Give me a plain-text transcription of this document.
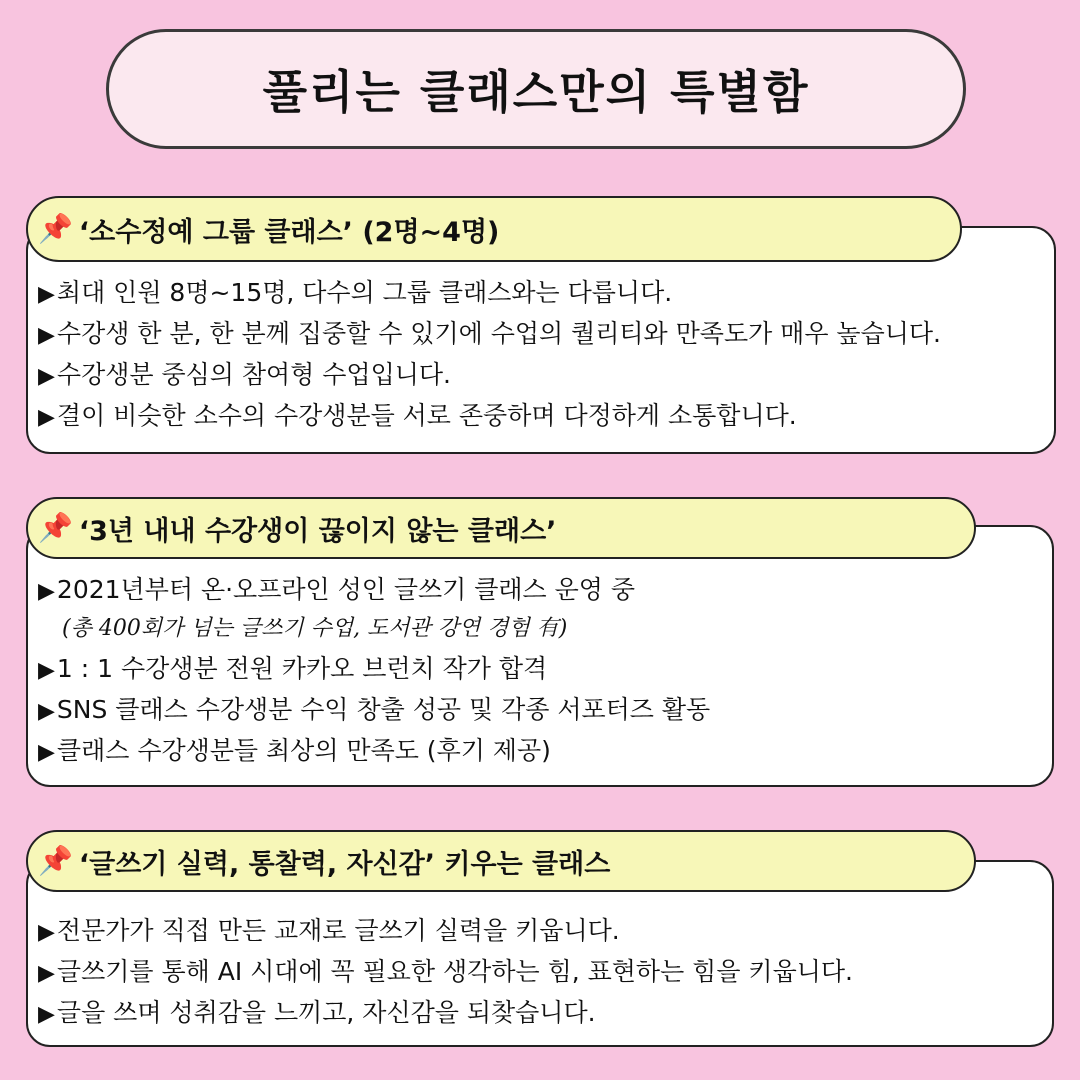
풀리는 클래스만의 특별함
📌 ‘소수정예 그룹 클래스’ (2명~4명)
▶최대 인원 8명~15명, 다수의 그룹 클래스와는 다릅니다.
▶수강생 한 분, 한 분께 집중할 수 있기에 수업의 퀄리티와 만족도가 매우 높습니다.
▶수강생분 중심의 참여형 수업입니다.
▶결이 비슷한 소수의 수강생분들 서로 존중하며 다정하게 소통합니다.
📌 ‘3년 내내 수강생이 끊이지 않는 클래스’
▶2021년부터 온·오프라인 성인 글쓰기 클래스 운영 중
(총 400회가 넘는 글쓰기 수업, 도서관 강연 경험 有)
▶1 : 1 수강생분 전원 카카오 브런치 작가 합격
▶SNS 클래스 수강생분 수익 창출 성공 및 각종 서포터즈 활동
▶클래스 수강생분들 최상의 만족도 (후기 제공)
📌 ‘글쓰기 실력, 통찰력, 자신감’ 키우는 클래스
▶전문가가 직접 만든 교재로 글쓰기 실력을 키웁니다.
▶글쓰기를 통해 AI 시대에 꼭 필요한 생각하는 힘, 표현하는 힘을 키웁니다.
▶글을 쓰며 성취감을 느끼고, 자신감을 되찾습니다.
